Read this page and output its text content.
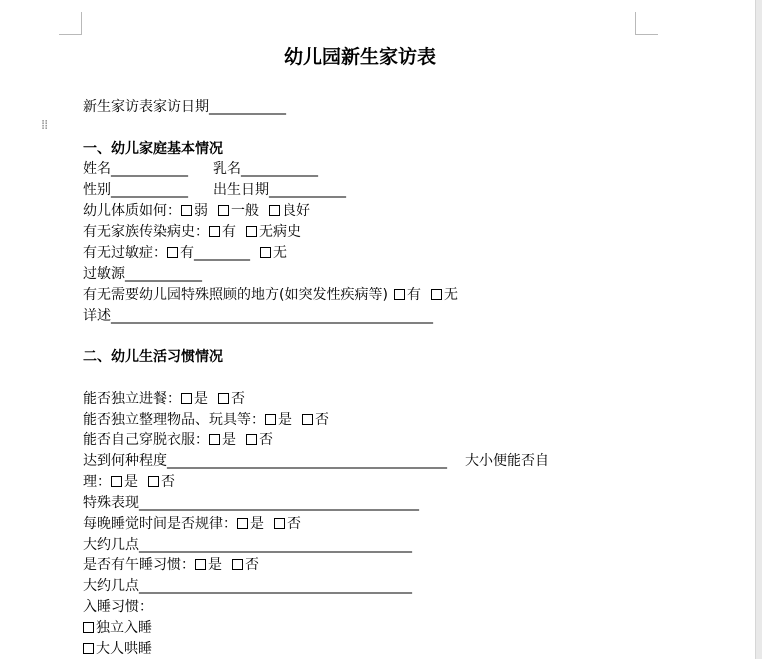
⁞⁞
幼儿园新生家访表
新生家访表家访日期___________
一、幼儿家庭基本情况
姓名___________ 乳名___________
性别___________ 出生日期___________
幼儿体质如何： 弱 一般 良好
有无家族传染病史： 有 无病史
有无过敏症： 有________ 无
过敏源___________
有无需要幼儿园特殊照顾的地方(如突发性疾病等) 有 无
详述______________________________________________
二、幼儿生活习惯情况
能否独立进餐： 是 否
能否独立整理物品、玩具等： 是 否
能否自己穿脱衣服： 是 否
达到何种程度________________________________________ 大小便能否自
理： 是 否
特殊表现________________________________________
每晚睡觉时间是否规律： 是 否
大约几点_______________________________________
是否有午睡习惯： 是 否
大约几点_______________________________________
入睡习惯：
独立入睡
大人哄睡
